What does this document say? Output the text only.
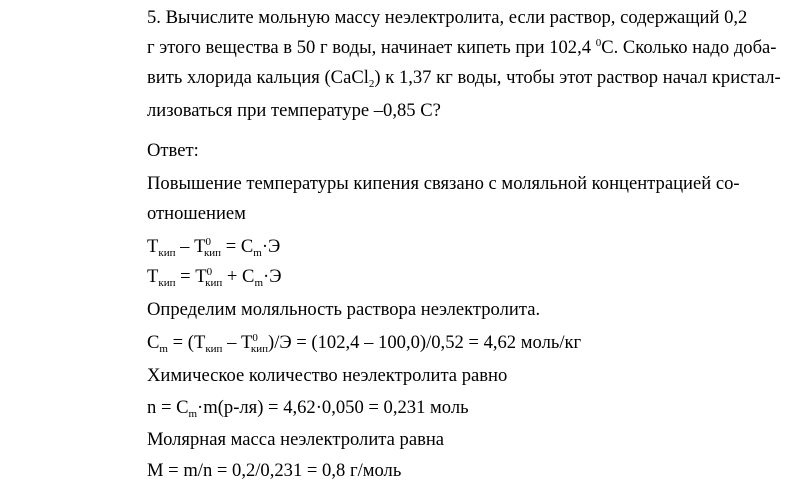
5. Вычислите мольную массу неэлектролита, если раствор, содержащий 0,2
г этого вещества в 50 г воды, начинает кипеть при 102,4 $^0$С. Сколько надо доба-
вить хлорида кальция (CaCl$_2$) к 1,37 кг воды, чтобы этот раствор начал кристал-
лизоваться при температуре –0,85 С?
Ответ:
Повышение температуры кипения связано с моляльной концентрацией со-
отношением
$Т_{кип} - Т^0_{кип} = С_m\cdot Э$
$Т_{кип} = Т^0_{кип} + С_m\cdot Э$
Определим моляльность раствора неэлектролита.
$С_m = (Т_{кип} - Т^0_{кип})/Э = (102,4 - 100,0)/0,52 = 4,62$ моль/кг
Химическое количество неэлектролита равно
$n = С_m\cdot m(р-ля) = 4,62\cdot 0,050 = 0,231$ моль
Молярная масса неэлектролита равна
M = m/n = 0,2/0,231 = 0,8 г/моль
